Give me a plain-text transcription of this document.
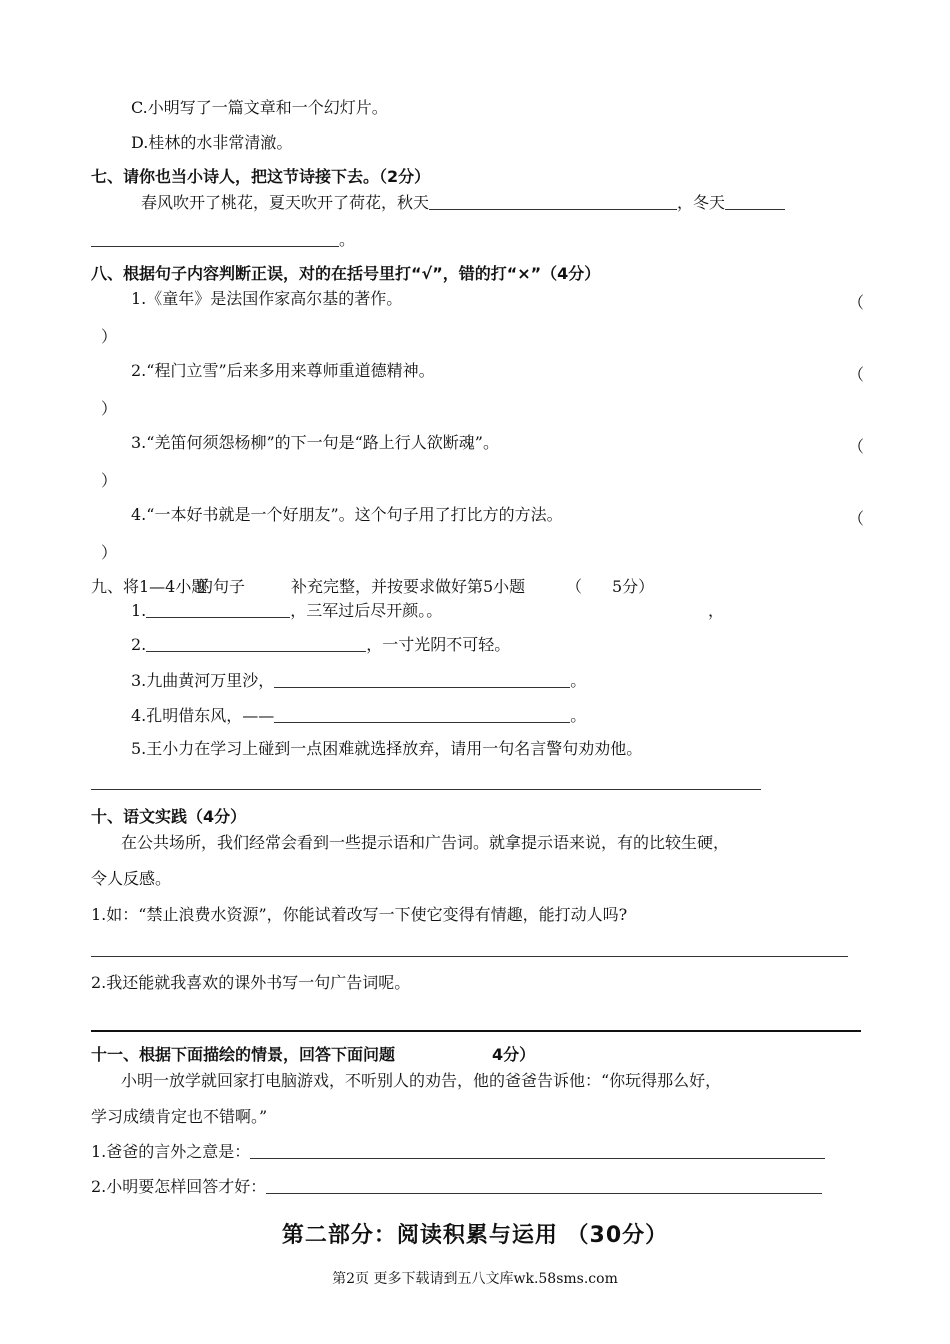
C.小明写了一篇文章和一个幻灯片。
D.桂林的水非常清澈。
七、请你也当小诗人，把这节诗接下去。（2分）
春风吹开了桃花，夏天吹开了荷花，秋天	，冬天
。
八、根据句子内容判断正误，对的在括号里打“√”，错的打“×”（4分）
1.《童年》是法国作家高尔基的著作。	（
）
2.“程门立雪”后来多用来尊师重道德精神。	（
）
3.“羌笛何须怨杨柳”的下一句是“路上行人欲断魂”。	（
）
4.“一本好书就是一个好朋友”。这个句子用了打比方的方法。	（
）
九、将1—4小题
的句子	补充完整，并按要求做好第5小题	（ 5分）
1.	，三军过后尽开颜。。	，
2.	，一寸光阴不可轻。
3.九曲黄河万里沙，	。
4.孔明借东风，——	。
5.王小力在学习上碰到一点困难就选择放弃，请用一句名言警句劝劝他。
十、语文实践（4分）
在公共场所，我们经常会看到一些提示语和广告词。就拿提示语来说，有的比较生硬，
令人反感。
1.如：“禁止浪费水资源”，你能试着改写一下使它变得有情趣，能打动人吗?
2.我还能就我喜欢的课外书写一句广告词呢。
十一、根据下面描绘的情景，回答下面问题	4分）
小明一放学就回家打电脑游戏，不听别人的劝告，他的爸爸告诉他：“你玩得那么好，
学习成绩肯定也不错啊。”
1.爸爸的言外之意是：
2.小明要怎样回答才好：
第二部分：阅读积累与运用 （30分）
第2页 更多下载请到五八文库wk.58sms.com
